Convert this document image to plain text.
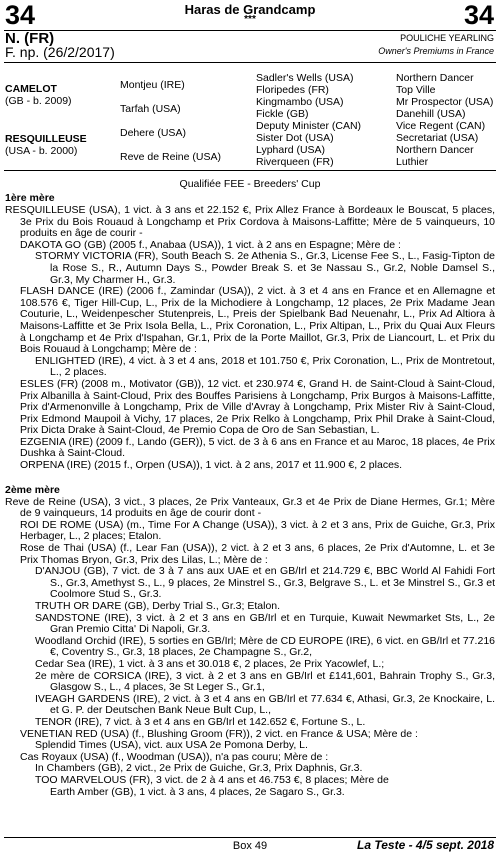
34	34
Haras de Grandcamp
***
N. (FR)
F. np. (26/2/2017)
POULICHE YEARLING
Owner's Premiums in France
CAMELOT
(GB - b. 2009)
RESQUILLEUSE
(USA - b. 2000)
Montjeu (IRE)
Tarfah (USA)
Dehere (USA)
Reve de Reine (USA)
Sadler's Wells (USA)
Floripedes (FR)
Kingmambo (USA)
Fickle (GB)
Deputy Minister (CAN)
Sister Dot (USA)
Lyphard (USA)
Riverqueen (FR)
Northern Dancer
Top Ville
Mr Prospector (USA)
Danehill (USA)
Vice Regent (CAN)
Secretariat (USA)
Northern Dancer
Luthier
Qualifiée FEE - Breeders' Cup

1ère mère

RESQUILLEUSE (USA), 1 vict. à 3 ans et 22.152 €, Prix Allez France à Bordeaux le Bouscat, 5 places, 3e Prix du Bois Rouaud à Longchamp et Prix Cordova à Maisons-Laffitte; Mère de 5 vainqueurs, 10 produits en âge de courir -

DAKOTA GO (GB) (2005 f., Anabaa (USA)), 1 vict. à 2 ans en Espagne; Mère de :

STORMY VICTORIA (FR), South Beach S. 2e Athenia S., Gr.3, License Fee S., L., Fasig-Tipton de la Rose S., R., Autumn Days S., Powder Break S. et 3e Nassau S., Gr.2, Noble Damsel S., Gr.3, My Charmer H., Gr.3.

FLASH DANCE (IRE) (2006 f., Zamindar (USA)), 2 vict. à 3 et 4 ans en France et en Allemagne et 108.576 €, Tiger Hill-Cup, L., Prix de la Michodiere à Longchamp, 12 places, 2e Prix Madame Jean Couturie, L., Weidenpescher Stutenpreis, L., Preis der Spielbank Bad Neuenahr, L., Prix Ad Altiora à Maisons-Laffitte et 3e Prix Isola Bella, L., Prix Coronation, L., Prix Altipan, L., Prix du Quai Aux Fleurs à Longchamp et 4e Prix d'Ispahan, Gr.1, Prix de la Porte Maillot, Gr.3, Prix de Liancourt, L. et Prix du Bois Rouaud à Longchamp; Mère de :

ENLIGHTED (IRE), 4 vict. à 3 et 4 ans, 2018 et 101.750 €, Prix Coronation, L., Prix de Montretout, L., 2 places.

ESLES (FR) (2008 m., Motivator (GB)), 12 vict. et 230.974 €, Grand H. de Saint-Cloud à Saint-Cloud, Prix Albanilla à Saint-Cloud, Prix des Bouffes Parisiens à Longchamp, Prix Burgos à Maisons-Laffitte, Prix d'Armenonville à Longchamp, Prix de Ville d'Avray à Longchamp, Prix Mister Riv à Saint-Cloud, Prix Edmond Maupoil à Vichy, 17 places, 2e Prix Relko à Longchamp, Prix Phil Drake à Saint-Cloud, Prix Dicta Drake à Saint-Cloud, 4e Premio Copa de Oro de San Sebastian, L.

EZGENIA (IRE) (2009 f., Lando (GER)), 5 vict. de 3 à 6 ans en France et au Maroc, 18 places, 4e Prix Dushka à Saint-Cloud.

ORPENA (IRE) (2015 f., Orpen (USA)), 1 vict. à 2 ans, 2017 et 11.900 €, 2 places.

2ème mère

Reve de Reine (USA), 3 vict., 3 places, 2e Prix Vanteaux, Gr.3 et 4e Prix de Diane Hermes, Gr.1; Mère de 9 vainqueurs, 14 produits en âge de courir dont -

ROI DE ROME (USA) (m., Time For A Change (USA)), 3 vict. à 2 et 3 ans, Prix de Guiche, Gr.3, Prix Herbager, L., 2 places; Etalon.

Rose de Thai (USA) (f., Lear Fan (USA)), 2 vict. à 2 et 3 ans, 6 places, 2e Prix d'Automne, L. et 3e Prix Thomas Bryon, Gr.3, Prix des Lilas, L.; Mère de :

D'ANJOU (GB), 7 vict. de 3 à 7 ans aux UAE et en GB/Irl et 214.729 €, BBC World Al Fahidi Fort S., Gr.3, Amethyst S., L., 9 places, 2e Minstrel S., Gr.3, Belgrave S., L. et 3e Minstrel S., Gr.3 et Coolmore Stud S., Gr.3.

TRUTH OR DARE (GB), Derby Trial S., Gr.3; Etalon.

SANDSTONE (IRE), 3 vict. à 2 et 3 ans en GB/Irl et en Turquie, Kuwait Newmarket Sts, L., 2e Gran Premio Citta' Di Napoli, Gr.3.

Woodland Orchid (IRE), 5 sorties en GB/Irl; Mère de CD EUROPE (IRE), 6 vict. en GB/Irl et 77.216 €, Coventry S., Gr.3, 18 places, 2e Champagne S., Gr.2,

Cedar Sea (IRE), 1 vict. à 3 ans et 30.018 €, 2 places, 2e Prix Yacowlef, L.;

2e mère de CORSICA (IRE), 3 vict. à 2 et 3 ans en GB/Irl et £141,601, Bahrain Trophy S., Gr.3, Glasgow S., L., 4 places, 3e St Leger S., Gr.1,

IVEAGH GARDENS (IRE), 2 vict. à 3 et 4 ans en GB/Irl et 77.634 €, Athasi, Gr.3, 2e Knockaire, L. et G. P. der Deutschen Bank Neue Bult Cup, L.,

TENOR (IRE), 7 vict. à 3 et 4 ans en GB/Irl et 142.652 €, Fortune S., L.

VENETIAN RED (USA) (f., Blushing Groom (FR)), 2 vict. en France & USA; Mère de :

Splendid Times (USA), vict. aux USA 2e Pomona Derby, L.

Cas Royaux (USA) (f., Woodman (USA)), n'a pas couru; Mère de :

In Chambers (GB), 2 vict., 2e Prix de Guiche, Gr.3, Prix Daphnis, Gr.3.

TOO MARVELOUS (FR), 3 vict. de 2 à 4 ans et 46.753 €, 8 places; Mère de

Earth Amber (GB), 1 vict. à 3 ans, 4 places, 2e Sagaro S., Gr.3.

Box 49	La Teste - 4/5 sept. 2018
